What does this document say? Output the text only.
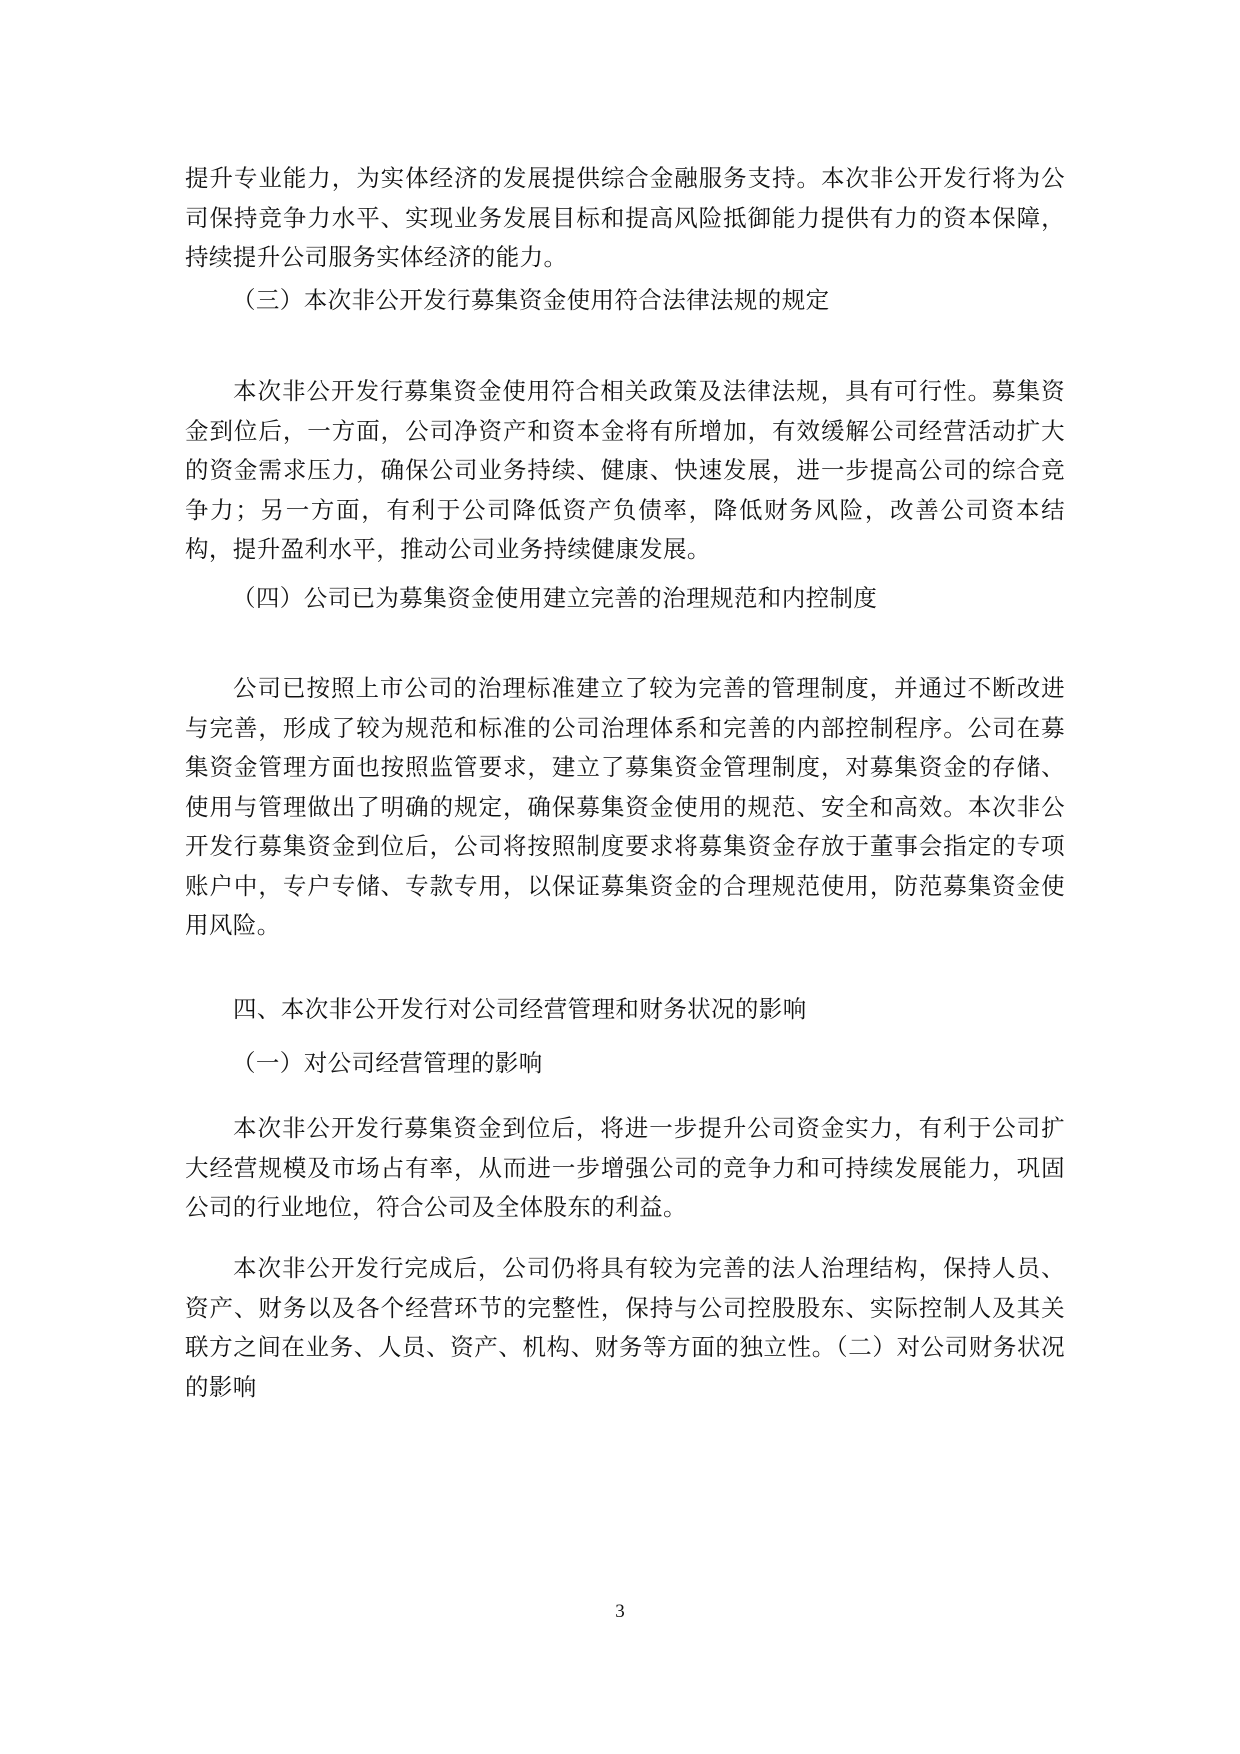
提升专业能力，为实体经济的发展提供综合金融服务支持。本次非公开发行将为公司保持竞争力水平、实现业务发展目标和提高风险抵御能力提供有力的资本保障，持续提升公司服务实体经济的能力。

（三）本次非公开发行募集资金使用符合法律法规的规定

本次非公开发行募集资金使用符合相关政策及法律法规，具有可行性。募集资金到位后，一方面，公司净资产和资本金将有所增加，有效缓解公司经营活动扩大的资金需求压力，确保公司业务持续、健康、快速发展，进一步提高公司的综合竞争力；另一方面，有利于公司降低资产负债率，降低财务风险，改善公司资本结构，提升盈利水平，推动公司业务持续健康发展。

（四）公司已为募集资金使用建立完善的治理规范和内控制度

公司已按照上市公司的治理标准建立了较为完善的管理制度，并通过不断改进与完善，形成了较为规范和标准的公司治理体系和完善的内部控制程序。公司在募集资金管理方面也按照监管要求，建立了募集资金管理制度，对募集资金的存储、使用与管理做出了明确的规定，确保募集资金使用的规范、安全和高效。本次非公开发行募集资金到位后，公司将按照制度要求将募集资金存放于董事会指定的专项账户中，专户专储、专款专用，以保证募集资金的合理规范使用，防范募集资金使用风险。

四、本次非公开发行对公司经营管理和财务状况的影响

（一）对公司经营管理的影响

本次非公开发行募集资金到位后，将进一步提升公司资金实力，有利于公司扩大经营规模及市场占有率，从而进一步增强公司的竞争力和可持续发展能力，巩固公司的行业地位，符合公司及全体股东的利益。

本次非公开发行完成后，公司仍将具有较为完善的法人治理结构，保持人员、资产、财务以及各个经营环节的完整性，保持与公司控股股东、实际控制人及其关联方之间在业务、人员、资产、机构、财务等方面的独立性。（二）对公司财务状况的影响

3
